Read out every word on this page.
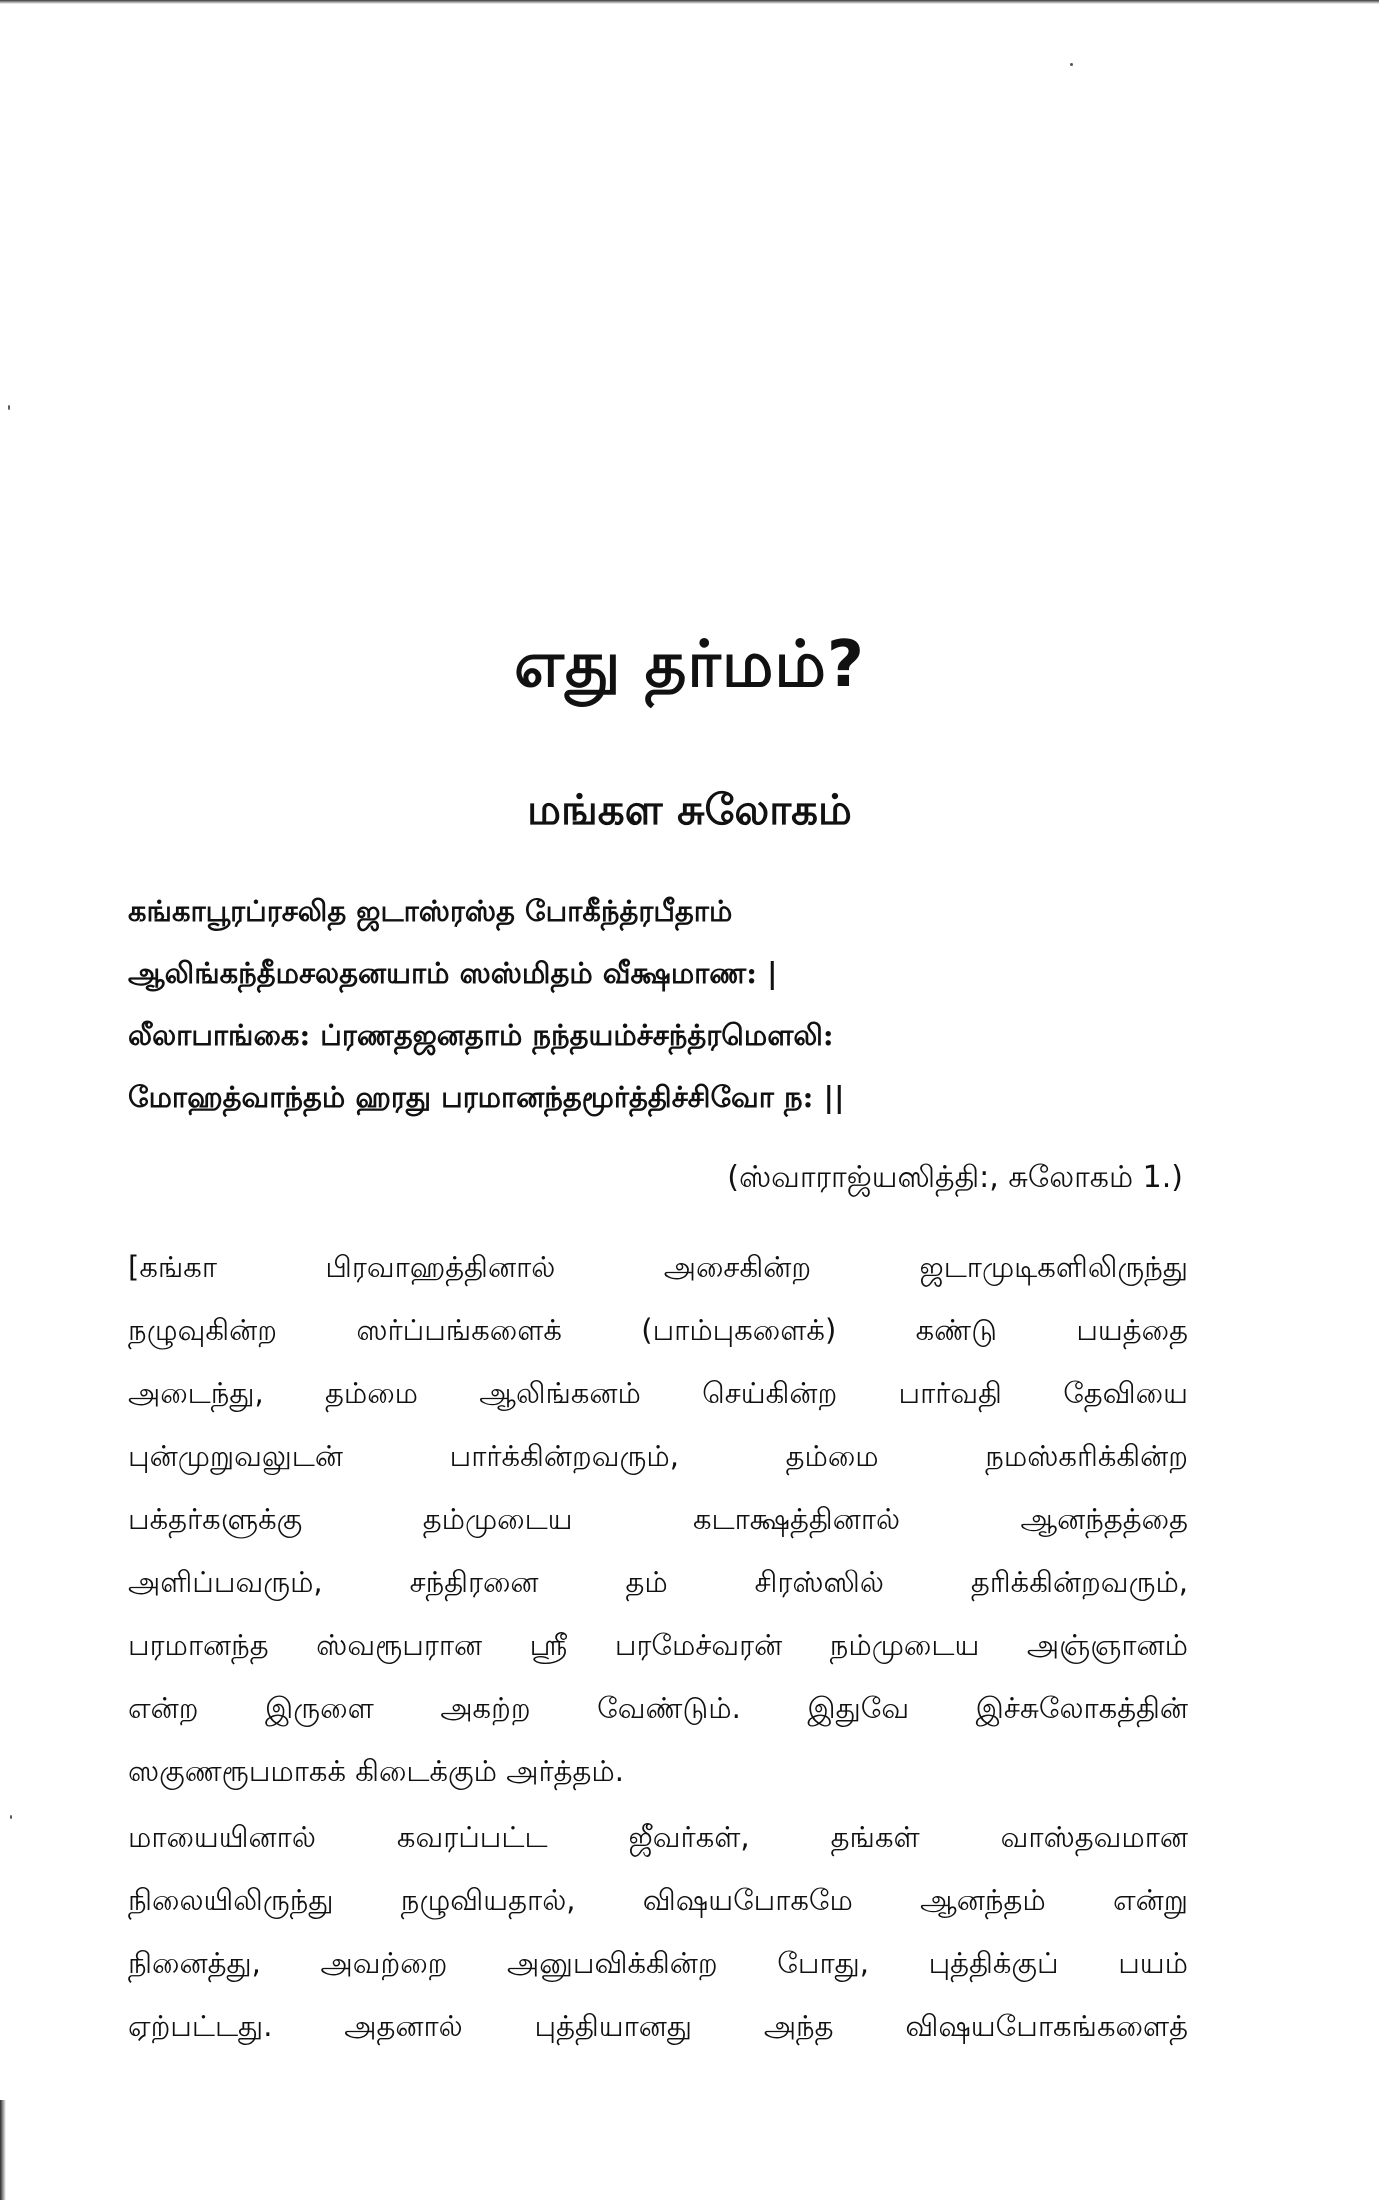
எது தர்மம்?
மங்கள சுலோகம்
கங்காபூரப்ரசலித ஜடாஸ்ரஸ்த போகீந்த்ரபீதாம்
ஆலிங்கந்தீமசலதனயாம் ஸஸ்மிதம் வீக்ஷமாண: |
லீலாபாங்கை: ப்ரணதஜனதாம் நந்தயம்ச்சந்த்ரமௌலி:
மோஹத்வாந்தம் ஹரது பரமானந்தமூர்த்திச்சிவோ ந: ||
(ஸ்வாராஜ்யஸித்தி:, சுலோகம் 1.)
[கங்கா பிரவாஹத்தினால் அசைகின்ற ஜடாமுடிகளிலிருந்து
நழுவுகின்ற ஸர்ப்பங்களைக் (பாம்புகளைக்) கண்டு பயத்தை
அடைந்து, தம்மை ஆலிங்கனம் செய்கின்ற பார்வதி தேவியை
புன்முறுவலுடன் பார்க்கின்றவரும், தம்மை நமஸ்கரிக்கின்ற
பக்தர்களுக்கு தம்முடைய கடாக்ஷத்தினால் ஆனந்தத்தை
அளிப்பவரும், சந்திரனை தம் சிரஸ்ஸில் தரிக்கின்றவரும்,
பரமானந்த ஸ்வரூபரான ஸ்ரீ பரமேச்வரன் நம்முடைய அஞ்ஞானம்
என்ற இருளை அகற்ற வேண்டும். இதுவே இச்சுலோகத்தின்
ஸகுணரூபமாகக் கிடைக்கும் அர்த்தம்.
மாயையினால் கவரப்பட்ட ஜீவர்கள், தங்கள் வாஸ்தவமான
நிலையிலிருந்து நழுவியதால், விஷயபோகமே ஆனந்தம் என்று
நினைத்து, அவற்றை அனுபவிக்கின்ற போது, புத்திக்குப் பயம்
ஏற்பட்டது. அதனால் புத்தியானது அந்த விஷயபோகங்களைத்
